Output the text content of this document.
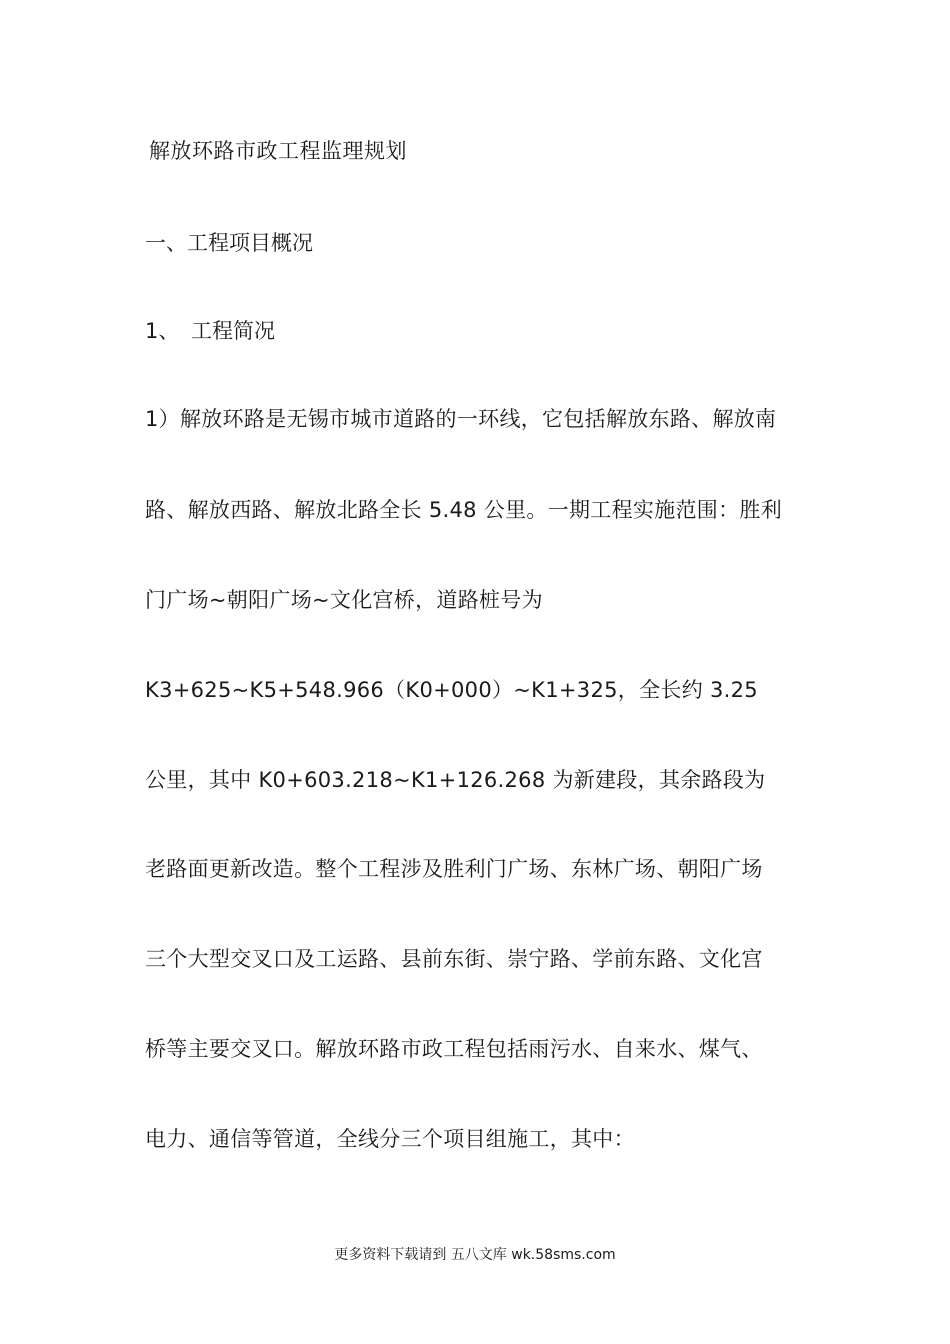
解放环路市政工程监理规划
一、工程项目概况
1、 工程简况
1）解放环路是无锡市城市道路的一环线，它包括解放东路、解放南
路、解放西路、解放北路全长 5.48 公里。一期工程实施范围：胜利
门广场~朝阳广场~文化宫桥，道路桩号为
K3+625~K5+548.966（K0+000）~K1+325，全长约 3.25
公里，其中 K0+603.218~K1+126.268 为新建段，其余路段为
老路面更新改造。整个工程涉及胜利门广场、东林广场、朝阳广场
三个大型交叉口及工运路、县前东街、崇宁路、学前东路、文化宫
桥等主要交叉口。解放环路市政工程包括雨污水、自来水、煤气、
电力、通信等管道，全线分三个项目组施工，其中：
更多资料下载请到 五八文库 wk.58sms.com
